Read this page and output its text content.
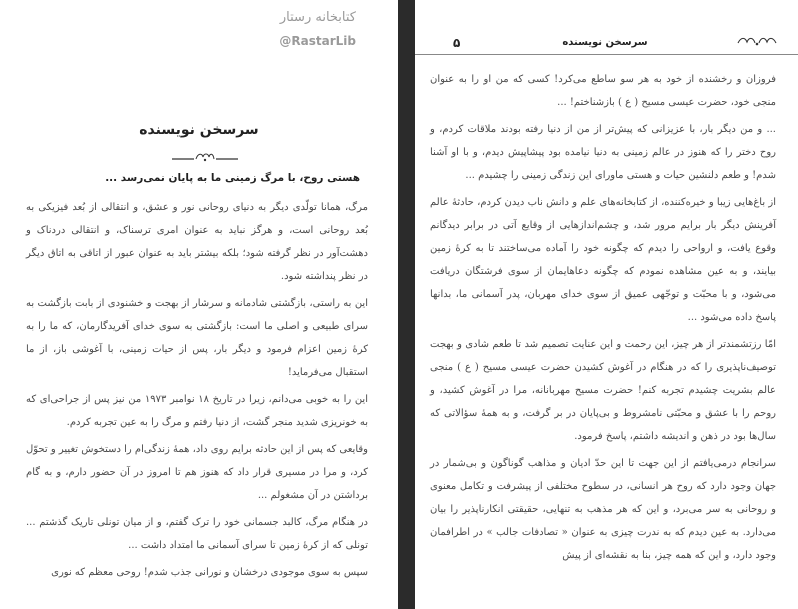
کتابخانه رستار
@RastarLib
سرسخن نویسنده
هستی روح، با مرگ زمینی ما به پایان نمی‌رسد ...

مرگ، همانا تولّدی دیگر به دنیای روحانی نور و عشق، و انتقالی از بُعد فیزیکی به بُعد روحانی است، و هرگز نباید به عنوان امری ترسناک، و انتقالی دردناک و دهشت‌آور در نظر گرفته شود؛ بلکه بیشتر باید به عنوان عبور از اتاقی به اتاق دیگر در نظر پنداشته شود.

این به راستی، بازگشتی شادمانه و سرشار از بهجت و خشنودی از بابت بازگشت به سرای طبیعی و اصلی ما است: بازگشتی به سوی خدای آفریدگارمان، که ما را به کرهٔ زمین اعزام فرمود و دیگر بار، پس از حیات زمینی، با آغوشی باز، از ما استقبال می‌فرماید!

این را به خوبی می‌دانم، زیرا در تاریخ ۱۸ نوامبر ۱۹۷۳ من نیز پس از جراحی‌ای که به خونریزی شدید منجر گشت، از دنیا رفتم و مرگ را به عین تجربه کردم.

وقایعی که پس از این حادثه برایم روی داد، همهٔ زندگی‌ام را دستخوش تغییر و تحوّل کرد، و مرا در مسیری قرار داد که هنوز هم تا امروز در آن حضور دارم، و به گام برداشتن در آن مشغولم ...

در هنگام مرگ، کالبد جسمانی خود را ترک گفتم، و از میان تونلی تاریک گذشتم ... تونلی که از کرهٔ زمین تا سرای آسمانی ما امتداد داشت ...

سپس به سوی موجودی درخشان و نورانی جذب شدم! روحی معظم که نوری

۵	سرسخن نویسنده

فروزان و رخشنده از خود به هر سو ساطع می‌کرد! کسی که من او را به عنوان منجی خود، حضرت عیسی مسیح ( ع ) بازشناختم! ...

... و من دیگر بار، با عزیزانی که پیش‌تر از من از دنیا رفته بودند ملاقات کردم، و روح دختر را که هنوز در عالم زمینی به دنیا نیامده بود پیشاپیش دیدم، و با او آشنا شدم! و طعم دلنشین حیات و هستی ماورای این زندگی زمینی را چشیدم ...

از باغ‌هایی زیبا و خیره‌کننده، از کتابخانه‌های علم و دانش ناب دیدن کردم، حادثهٔ عالم آفرینش دیگر بار برایم مرور شد، و چشم‌اندازهایی از وقایع آتی در برابر دیدگانم وقوع یافت، و ارواحی را دیدم که چگونه خود را آماده می‌ساختند تا به کرهٔ زمین بیایند، و به عین مشاهده نمودم که چگونه دعاهایمان از سوی فرشتگان دریافت می‌شود، و با محبّت و توجّهی عمیق از سوی خدای مهربان، پدر آسمانی ما، بدانها پاسخ داده می‌شود ...

امّا رزتشمندتر از هر چیز، این رحمت و این عنایت تصمیم شد تا طعم شادی و بهجت توصیف‌ناپذیری را که در هنگام در آغوش کشیدن حضرت عیسی مسیح ( ع ) منجی عالم بشریت چشیدم تجربه کنم! حضرت مسیح مهربانانه، مرا در آغوش کشید، و روحم را با عشق و محبّتی نامشروط و بی‌پایان در بر گرفت، و به همهٔ سؤالاتی که سال‌ها بود در ذهن و اندیشه داشتم، پاسخ فرمود.

سرانجام درمی‌یافتم از این جهت تا این حدّ ادیان و مذاهب گوناگون و بی‌شمار در جهان وجود دارد که روح هر انسانی، در سطوح مختلفی از پیشرفت و تکامل معنوی و روحانی به سر می‌برد، و این که هر مذهب به تنهایی، حقیقتی انکارناپذیر را بیان می‌دارد. به عین دیدم که به ندرت چیزی به عنوان « تصادفات جالب » در اطرافمان وجود دارد، و این که همه چیز، بنا به نقشه‌ای از پیش
